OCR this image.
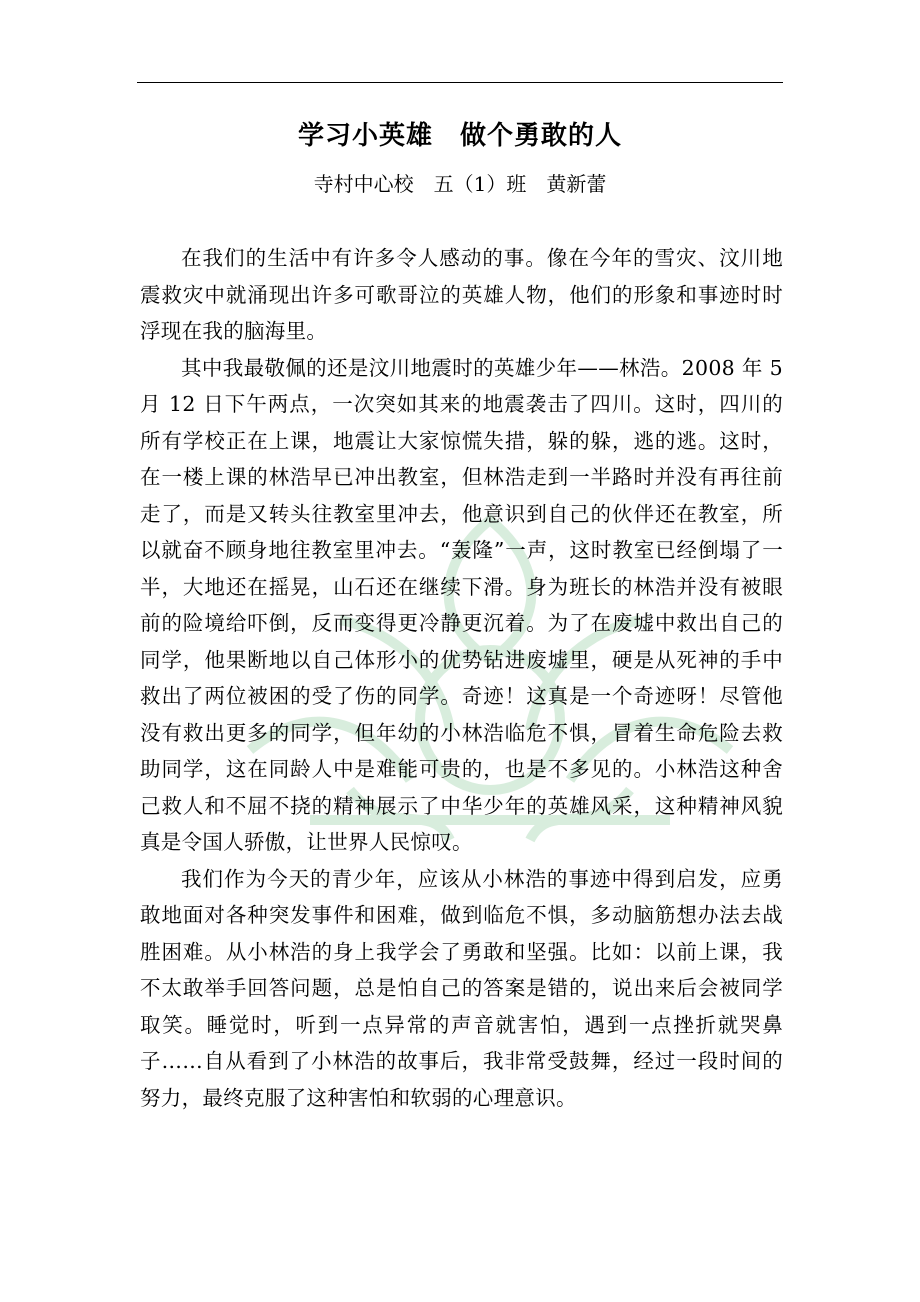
学习小英雄　做个勇敢的人
寺村中心校　五（1）班　黄新蕾

在我们的生活中有许多令人感动的事。像在今年的雪灾、汶川地震救灾中就涌现出许多可歌哥泣的英雄人物，他们的形象和事迹时时浮现在我的脑海里。

其中我最敬佩的还是汶川地震时的英雄少年——林浩。2008 年 5 月 12 日下午两点，一次突如其来的地震袭击了四川。这时，四川的所有学校正在上课，地震让大家惊慌失措，躲的躲，逃的逃。这时，在一楼上课的林浩早已冲出教室，但林浩走到一半路时并没有再往前走了，而是又转头往教室里冲去，他意识到自己的伙伴还在教室，所以就奋不顾身地往教室里冲去。“轰隆”一声，这时教室已经倒塌了一半，大地还在摇晃，山石还在继续下滑。身为班长的林浩并没有被眼前的险境给吓倒，反而变得更冷静更沉着。为了在废墟中救出自己的同学，他果断地以自己体形小的优势钻进废墟里，硬是从死神的手中救出了两位被困的受了伤的同学。奇迹！这真是一个奇迹呀！尽管他没有救出更多的同学，但年幼的小林浩临危不惧，冒着生命危险去救助同学，这在同龄人中是难能可贵的，也是不多见的。小林浩这种舍己救人和不屈不挠的精神展示了中华少年的英雄风采，这种精神风貌真是令国人骄傲，让世界人民惊叹。

我们作为今天的青少年，应该从小林浩的事迹中得到启发，应勇敢地面对各种突发事件和困难，做到临危不惧，多动脑筋想办法去战胜困难。从小林浩的身上我学会了勇敢和坚强。比如：以前上课，我不太敢举手回答问题，总是怕自己的答案是错的，说出来后会被同学取笑。睡觉时，听到一点异常的声音就害怕，遇到一点挫折就哭鼻子……自从看到了小林浩的故事后，我非常受鼓舞，经过一段时间的努力，最终克服了这种害怕和软弱的心理意识。
